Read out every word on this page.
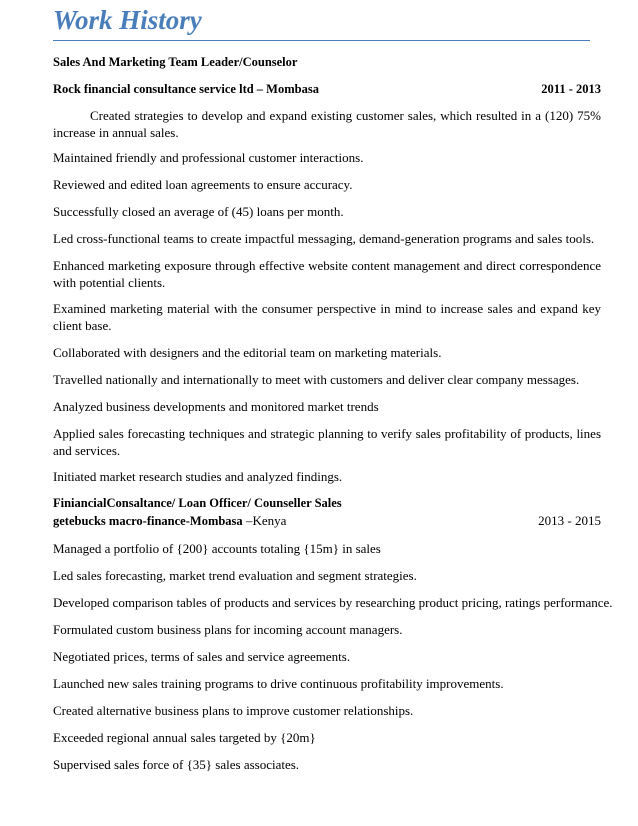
Work History
Sales And Marketing Team Leader/Counselor
Rock financial consultance service ltd – Mombasa	2011 - 2013
Created strategies to develop and expand existing customer sales, which resulted in a (120) 75% increase in annual sales.
Maintained friendly and professional customer interactions.
Reviewed and edited loan agreements to ensure accuracy.
Successfully closed an average of (45) loans per month.
Led cross-functional teams to create impactful messaging, demand-generation programs and sales tools.
Enhanced marketing exposure through effective website content management and direct correspondence with potential clients.
Examined marketing material with the consumer perspective in mind to increase sales and expand key client base.
Collaborated with designers and the editorial team on marketing materials.
Travelled nationally and internationally to meet with customers and deliver clear company messages.
Analyzed business developments and monitored market trends
Applied sales forecasting techniques and strategic planning to verify sales profitability of products, lines and services.
Initiated market research studies and analyzed findings.
FiniancialConsaltance/ Loan Officer/ Counseller Sales
getebucks macro-finance-Mombasa –Kenya	2013 - 2015
Managed a portfolio of {200} accounts totaling {15m} in sales
Led sales forecasting, market trend evaluation and segment strategies.
Developed comparison tables of products and services by researching product pricing, ratings performance.
Formulated custom business plans for incoming account managers.
Negotiated prices, terms of sales and service agreements.
Launched new sales training programs to drive continuous profitability improvements.
Created alternative business plans to improve customer relationships.
Exceeded regional annual sales targeted by {20m}
Supervised sales force of {35} sales associates.
